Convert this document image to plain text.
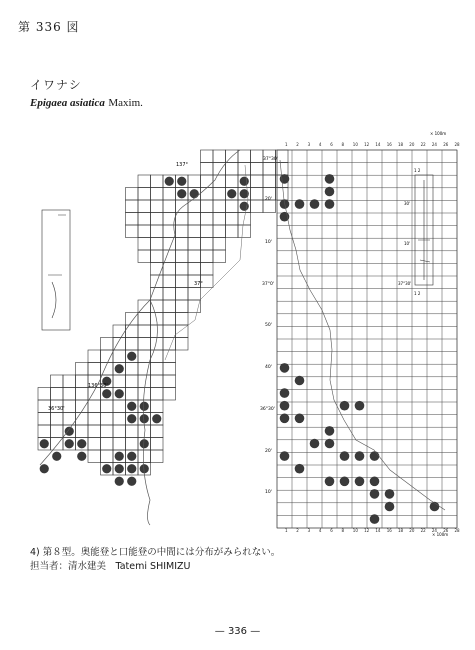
第 336 図
イワナシ
Epigaea asiatica Maxim.
137°
136°30'
37°
36°30'
1 2 3 4 6 8 10 12 14 16 18 20 22 24 26 28
1 2 3 4 6 8 10 12 14 16 18 20 22 24 26 28
× 100m
× 100m
37°30'
20'
10'
37°0'
50'
40'
36°30'
20'
10'
1 2
30'
10'
37°30'
1 2
4) 第８型。奥能登と口能登の中間には分布がみられない。
担当者：清水建美　Tatemi SHIMIZU
— 336 —
